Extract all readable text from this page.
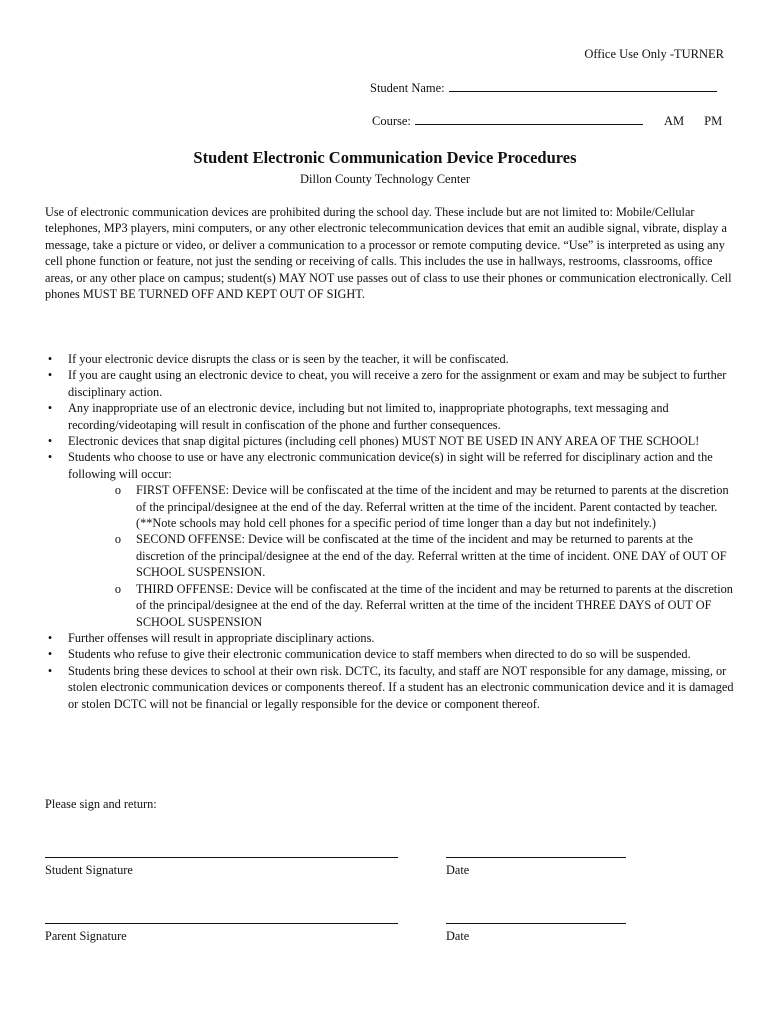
Office Use Only -TURNER
Student Name:
Course:	AM PM
Student Electronic Communication Device Procedures
Dillon County Technology Center
Use of electronic communication devices are prohibited during the school day. These include but are not limited to: Mobile/Cellular telephones, MP3 players, mini computers, or any other electronic telecommunication devices that emit an audible signal, vibrate, display a message, take a picture or video, or deliver a communication to a processor or remote computing device. “Use” is interpreted as using any cell phone function or feature, not just the sending or receiving of calls. This includes the use in hallways, restrooms, classrooms, office areas, or any other place on campus; student(s) MAY NOT use passes out of class to use their phones or communication electronically. Cell phones MUST BE TURNED OFF AND KEPT OUT OF SIGHT.
• If your electronic device disrupts the class or is seen by the teacher, it will be confiscated.
• If you are caught using an electronic device to cheat, you will receive a zero for the assignment or exam and may be subject to further disciplinary action.
• Any inappropriate use of an electronic device, including but not limited to, inappropriate photographs, text messaging and recording/videotaping will result in confiscation of the phone and further consequences.
• Electronic devices that snap digital pictures (including cell phones) MUST NOT BE USED IN ANY AREA OF THE SCHOOL!
• Students who choose to use or have any electronic communication device(s) in sight will be referred for disciplinary action and the following will occur:
o FIRST OFFENSE: Device will be confiscated at the time of the incident and may be returned to parents at the discretion of the principal/designee at the end of the day. Referral written at the time of the incident. Parent contacted by teacher. (**Note schools may hold cell phones for a specific period of time longer than a day but not indefinitely.)
o SECOND OFFENSE: Device will be confiscated at the time of the incident and may be returned to parents at the discretion of the principal/designee at the end of the day. Referral written at the time of incident. ONE DAY of OUT OF SCHOOL SUSPENSION.
o THIRD OFFENSE: Device will be confiscated at the time of the incident and may be returned to parents at the discretion of the principal/designee at the end of the day. Referral written at the time of the incident THREE DAYS of OUT OF SCHOOL SUSPENSION
• Further offenses will result in appropriate disciplinary actions.
• Students who refuse to give their electronic communication device to staff members when directed to do so will be suspended.
• Students bring these devices to school at their own risk. DCTC, its faculty, and staff are NOT responsible for any damage, missing, or stolen electronic communication devices or components thereof. If a student has an electronic communication device and it is damaged or stolen DCTC will not be financial or legally responsible for the device or component thereof.
Please sign and return:
Student Signature	Date
Parent Signature	Date
